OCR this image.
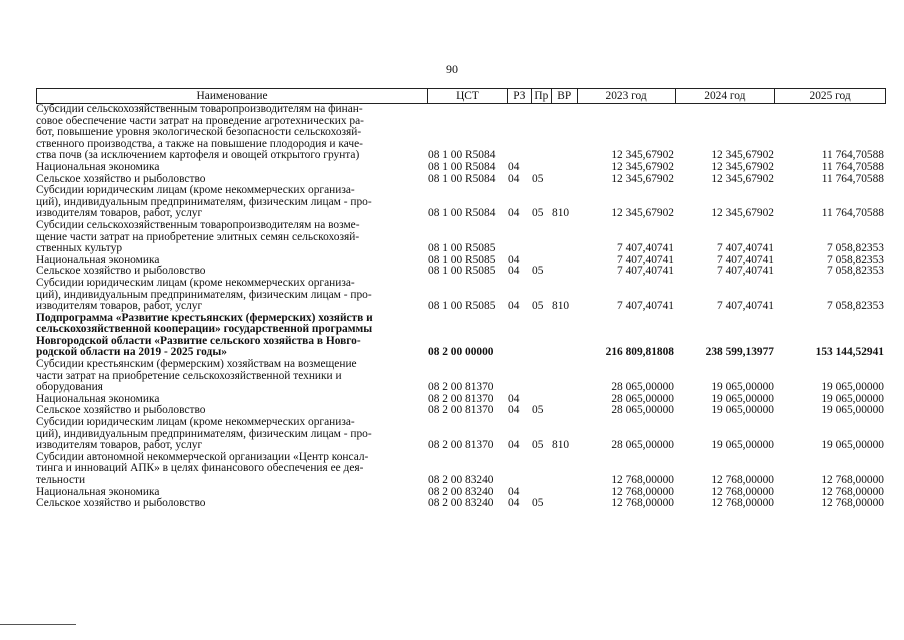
90
Наименование	ЦСТ	РЗ Пр ВР	2023 год	2024 год	2025 год
Субсидии сельскохозяйственным товаропроизводителям на финан-
совое обеспечение части затрат на проведение агротехнических ра-
бот, повышение уровня экологической безопасности сельскохозяй-
ственного производства, а также на повышение плодородия и каче-
ства почв (за исключением картофеля и овощей открытого грунта)	08 1 00 R5084	12 345,67902	12 345,67902	11 764,70588
Национальная экономика	08 1 00 R5084	04	12 345,67902	12 345,67902	11 764,70588
Сельское хозяйство и рыболовство	08 1 00 R5084	04	05	12 345,67902	12 345,67902	11 764,70588
Субсидии юридическим лицам (кроме некоммерческих организа-
ций), индивидуальным предпринимателям, физическим лицам - про-
изводителям товаров, работ, услуг	08 1 00 R5084	04	05 810	12 345,67902	12 345,67902	11 764,70588
Субсидии сельскохозяйственным товаропроизводителям на возме-
щение части затрат на приобретение элитных семян сельскохозяй-
ственных культур	08 1 00 R5085	7 407,40741	7 407,40741	7 058,82353
Национальная экономика	08 1 00 R5085	04	7 407,40741	7 407,40741	7 058,82353
Сельское хозяйство и рыболовство	08 1 00 R5085	04	05	7 407,40741	7 407,40741	7 058,82353
Субсидии юридическим лицам (кроме некоммерческих организа-
ций), индивидуальным предпринимателям, физическим лицам - про-
изводителям товаров, работ, услуг	08 1 00 R5085	04	05 810	7 407,40741	7 407,40741	7 058,82353
Подпрограмма «Развитие крестьянских (фермерских) хозяйств и
сельскохозяйственной кооперации» государственной программы
Новгородской области «Развитие сельского хозяйства в Новго-
родской области на 2019 - 2025 годы»	08 2 00 00000	216 809,81808	238 599,13977	153 144,52941
Субсидии крестьянским (фермерским) хозяйствам на возмещение
части затрат на приобретение сельскохозяйственной техники и
оборудования	08 2 00 81370	28 065,00000	19 065,00000	19 065,00000
Национальная экономика	08 2 00 81370	04	28 065,00000	19 065,00000	19 065,00000
Сельское хозяйство и рыболовство	08 2 00 81370	04	05	28 065,00000	19 065,00000	19 065,00000
Субсидии юридическим лицам (кроме некоммерческих организа-
ций), индивидуальным предпринимателям, физическим лицам - про-
изводителям товаров, работ, услуг	08 2 00 81370	04	05 810	28 065,00000	19 065,00000	19 065,00000
Субсидии автономной некоммерческой организации «Центр консал-
тинга и инноваций АПК» в целях финансового обеспечения ее дея-
тельности	08 2 00 83240	12 768,00000	12 768,00000	12 768,00000
Национальная экономика	08 2 00 83240	04	12 768,00000	12 768,00000	12 768,00000
Сельское хозяйство и рыболовство	08 2 00 83240	04	05	12 768,00000	12 768,00000	12 768,00000
